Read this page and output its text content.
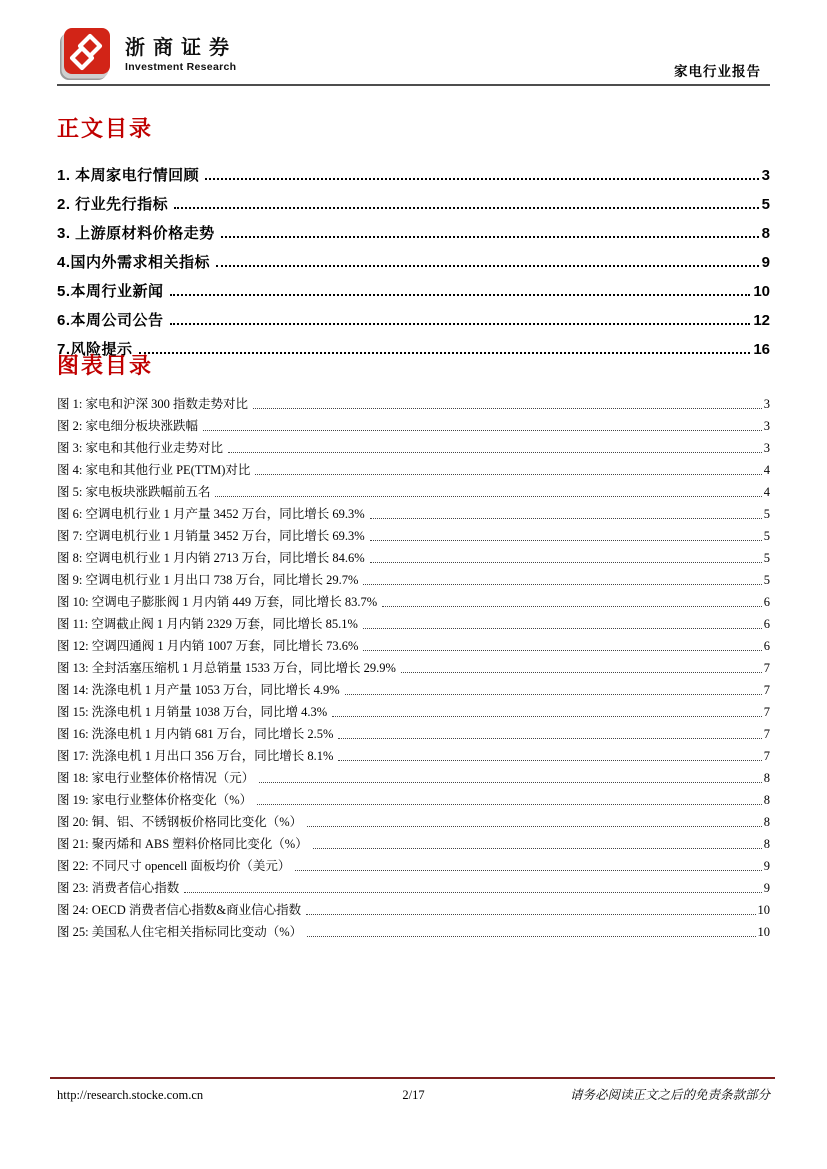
浙商证券
Investment Research	家电行业报告
正文目录
1. 本周家电行情回顾	3
2. 行业先行指标	5
3. 上游原材料价格走势	8
4.国内外需求相关指标	9
5.本周行业新闻	10
6.本周公司公告	12
7.风险提示	16
图表目录
图 1: 家电和沪深 300 指数走势对比	3
图 2: 家电细分板块涨跌幅	3
图 3: 家电和其他行业走势对比	3
图 4: 家电和其他行业 PE(TTM)对比	4
图 5: 家电板块涨跌幅前五名	4
图 6: 空调电机行业 1 月产量 3452 万台，同比增长 69.3%	5
图 7: 空调电机行业 1 月销量 3452 万台，同比增长 69.3%	5
图 8: 空调电机行业 1 月内销 2713 万台，同比增长 84.6%	5
图 9: 空调电机行业 1 月出口 738 万台，同比增长 29.7%	5
图 10: 空调电子膨胀阀 1 月内销 449 万套，同比增长 83.7%	6
图 11: 空调截止阀 1 月内销 2329 万套，同比增长 85.1%	6
图 12: 空调四通阀 1 月内销 1007 万套，同比增长 73.6%	6
图 13: 全封活塞压缩机 1 月总销量 1533 万台，同比增长 29.9%	7
图 14: 洗涤电机 1 月产量 1053 万台，同比增长 4.9%	7
图 15: 洗涤电机 1 月销量 1038 万台，同比增 4.3%	7
图 16: 洗涤电机 1 月内销 681 万台，同比增长 2.5%	7
图 17: 洗涤电机 1 月出口 356 万台，同比增长 8.1%	7
图 18: 家电行业整体价格情况（元）	8
图 19: 家电行业整体价格变化（%）	8
图 20: 铜、铝、不锈钢板价格同比变化（%）	8
图 21: 聚丙烯和 ABS 塑料价格同比变化（%）	8
图 22: 不同尺寸 opencell 面板均价（美元）	9
图 23: 消费者信心指数	9
图 24: OECD 消费者信心指数&商业信心指数	10
图 25: 美国私人住宅相关指标同比变动（%）	10
http://research.stocke.com.cn	2/17	请务必阅读正文之后的免责条款部分
